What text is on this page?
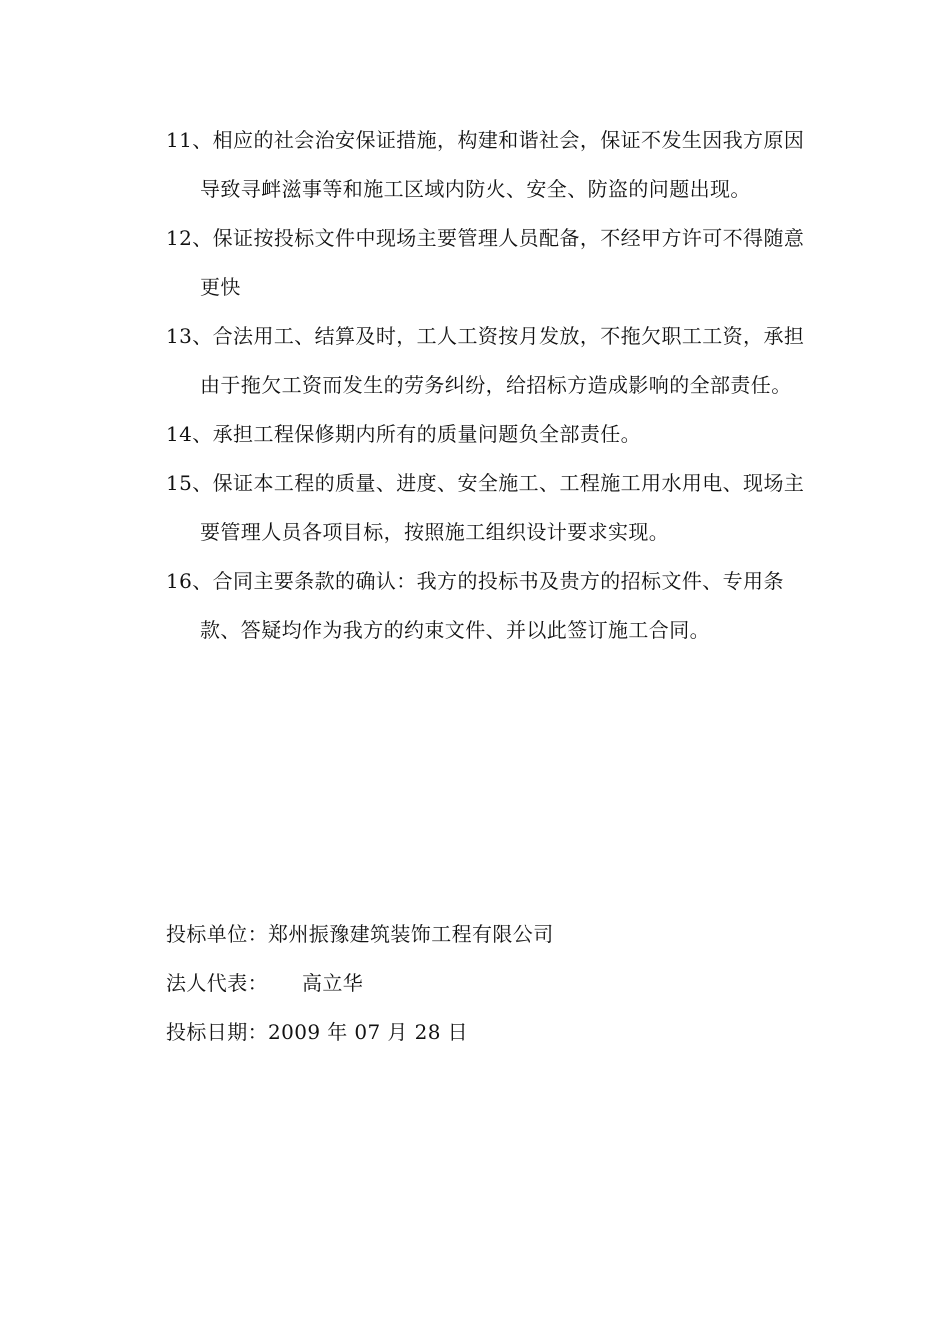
11、相应的社会治安保证措施，构建和谐社会，保证不发生因我方原因导致寻衅滋事等和施工区域内防火、安全、防盗的问题出现。
12、保证按投标文件中现场主要管理人员配备，不经甲方许可不得随意更快
13、合法用工、结算及时，工人工资按月发放，不拖欠职工工资，承担由于拖欠工资而发生的劳务纠纷，给招标方造成影响的全部责任。
14、承担工程保修期内所有的质量问题负全部责任。
15、保证本工程的质量、进度、安全施工、工程施工用水用电、现场主要管理人员各项目标，按照施工组织设计要求实现。
16、合同主要条款的确认：我方的投标书及贵方的招标文件、专用条款、答疑均作为我方的约束文件、并以此签订施工合同。
投标单位：郑州振豫建筑装饰工程有限公司
法人代表： 高立华
投标日期：2009 年 07 月 28 日
